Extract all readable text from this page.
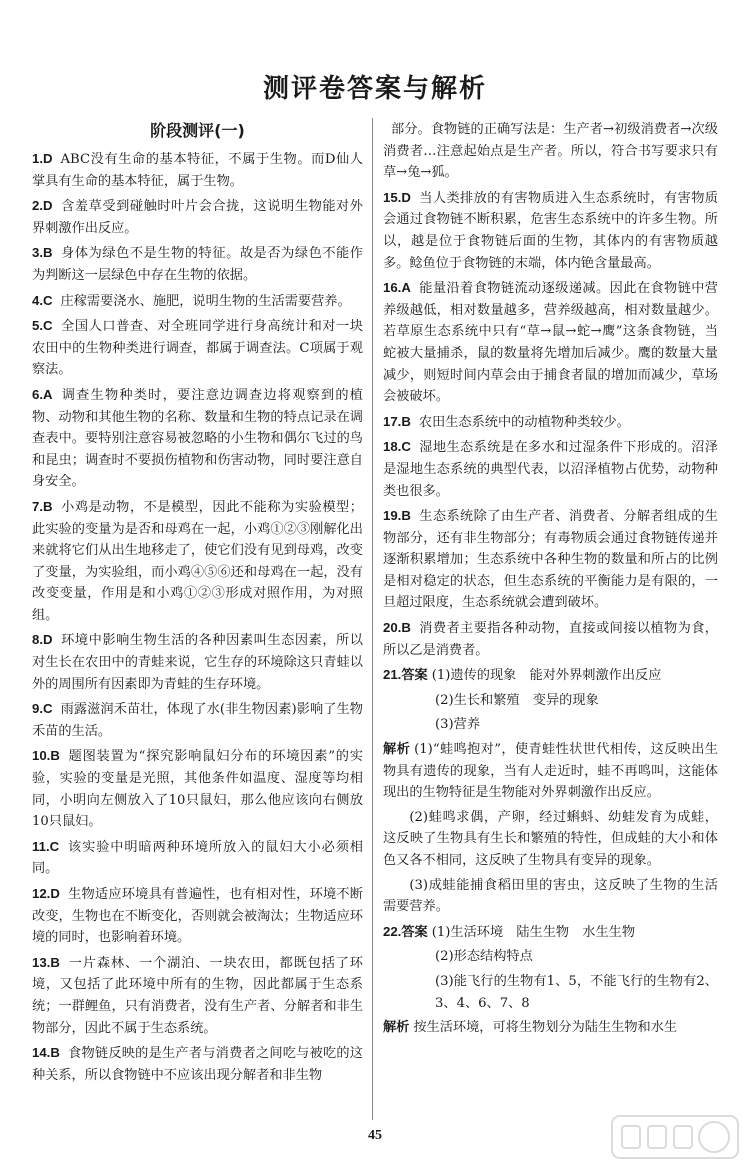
测评卷答案与解析
阶段测评(一)
1.D ABC没有生命的基本特征，不属于生物。而D仙人掌具有生命的基本特征，属于生物。
2.D 含羞草受到碰触时叶片会合拢，这说明生物能对外界刺激作出反应。
3.B 身体为绿色不是生物的特征。故是否为绿色不能作为判断这一层绿色中存在生物的依据。
4.C 庄稼需要浇水、施肥，说明生物的生活需要营养。
5.C 全国人口普查、对全班同学进行身高统计和对一块农田中的生物种类进行调查，都属于调查法。C项属于观察法。
6.A 调查生物种类时，要注意边调查边将观察到的植物、动物和其他生物的名称、数量和生物的特点记录在调查表中。要特别注意容易被忽略的小生物和偶尔飞过的鸟和昆虫；调查时不要损伤植物和伤害动物，同时要注意自身安全。
7.B 小鸡是动物，不是模型，因此不能称为实验模型；此实验的变量为是否和母鸡在一起，小鸡①②③刚解化出来就将它们从出生地移走了，使它们没有见到母鸡，改变了变量，为实验组，而小鸡④⑤⑥还和母鸡在一起，没有改变变量，作用是和小鸡①②③形成对照作用，为对照组。
8.D 环境中影响生物生活的各种因素叫生态因素，所以对生长在农田中的青蛙来说，它生存的环境除这只青蛙以外的周围所有因素即为青蛙的生存环境。
9.C 雨露滋润禾苗壮，体现了水(非生物因素)影响了生物禾苗的生活。
10.B 题图装置为“探究影响鼠妇分布的环境因素”的实验，实验的变量是光照，其他条件如温度、湿度等均相同，小明向左侧放入了10只鼠妇，那么他应该向右侧放10只鼠妇。
11.C 该实验中明暗两种环境所放入的鼠妇大小必须相同。
12.D 生物适应环境具有普遍性，也有相对性，环境不断改变，生物也在不断变化，否则就会被淘汰；生物适应环境的同时，也影响着环境。
13.B 一片森林、一个湖泊、一块农田，都既包括了环境，又包括了此环境中所有的生物，因此都属于生态系统；一群鲤鱼，只有消费者，没有生产者、分解者和非生物部分，因此不属于生态系统。
14.B 食物链反映的是生产者与消费者之间吃与被吃的这种关系，所以食物链中不应该出现分解者和非生物
部分。食物链的正确写法是：生产者→初级消费者→次级消费者…注意起始点是生产者。所以，符合书写要求只有草→兔→狐。
15.D 当人类排放的有害物质进入生态系统时，有害物质会通过食物链不断积累，危害生态系统中的许多生物。所以，越是位于食物链后面的生物，其体内的有害物质越多。鲶鱼位于食物链的末端，体内铯含量最高。
16.A 能量沿着食物链流动逐级递减。因此在食物链中营养级越低，相对数量越多，营养级越高，相对数量越少。若草原生态系统中只有“草→鼠→蛇→鹰”这条食物链，当蛇被大量捕杀，鼠的数量将先增加后减少。鹰的数量大量减少，则短时间内草会由于捕食者鼠的增加而减少，草场会被破坏。
17.B 农田生态系统中的动植物种类较少。
18.C 湿地生态系统是在多水和过湿条件下形成的。沼泽是湿地生态系统的典型代表，以沼泽植物占优势，动物种类也很多。
19.B 生态系统除了由生产者、消费者、分解者组成的生物部分，还有非生物部分；有毒物质会通过食物链传递并逐渐积累增加；生态系统中各种生物的数量和所占的比例是相对稳定的状态，但生态系统的平衡能力是有限的，一旦超过限度，生态系统就会遭到破坏。
20.B 消费者主要指各种动物，直接或间接以植物为食，所以乙是消费者。
21.答案 (1)遗传的现象　能对外界刺激作出反应
(2)生长和繁殖　变异的现象
(3)营养
解析 (1)“蛙鸣抱对”，使青蛙性状世代相传，这反映出生物具有遗传的现象，当有人走近时，蛙不再鸣叫，这能体现出的生物特征是生物能对外界刺激作出反应。
(2)蛙鸣求偶，产卵，经过蝌蚪、幼蛙发育为成蛙，这反映了生物具有生长和繁殖的特性，但成蛙的大小和体色又各不相同，这反映了生物具有变异的现象。
(3)成蛙能捕食稻田里的害虫，这反映了生物的生活需要营养。
22.答案 (1)生活环境　陆生生物　水生生物
(2)形态结构特点
(3)能飞行的生物有1、5，不能飞行的生物有2、3、4、6、7、8
解析 按生活环境，可将生物划分为陆生生物和水生
45
